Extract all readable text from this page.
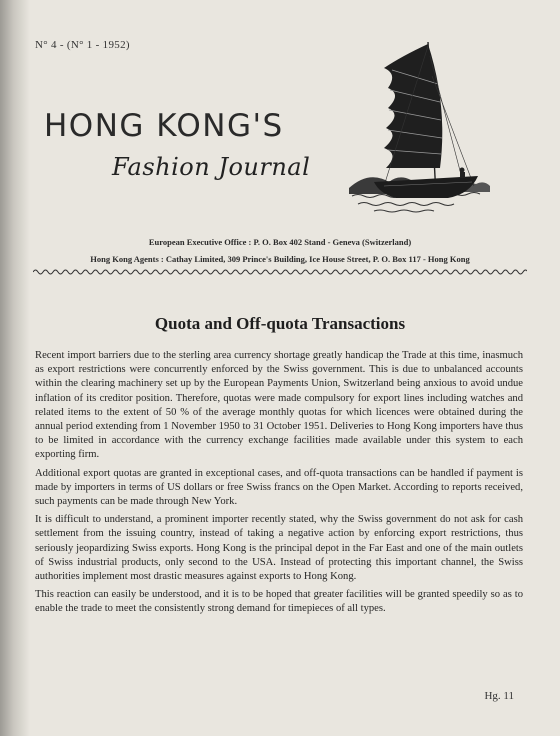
N° 4 - (N° 1 - 1952)
HONG KONG'S
Fashion Journal
European Executive Office : P. O. Box 402 Stand - Geneva (Switzerland)
Hong Kong Agents : Cathay Limited, 309 Prince's Building, Ice House Street, P. O. Box 117 - Hong Kong
Quota and Off-quota Transactions

Recent import barriers due to the sterling area currency shortage greatly handicap the Trade at this time, inasmuch as export restrictions were concurrently enforced by the Swiss government. This is due to unbalanced accounts within the clearing machinery set up by the European Payments Union, Switzerland being anxious to avoid undue inflation of its creditor position. Therefore, quotas were made compulsory for export lines including watches and related items to the extent of 50 % of the average monthly quotas for which licences were obtained during the annual period extending from 1 November 1950 to 31 October 1951. Deliveries to Hong Kong importers have thus to be limited in accordance with the currency exchange facilities made available under this system to each exporting firm.

Additional export quotas are granted in exceptional cases, and off-quota transactions can be handled if payment is made by importers in terms of US dollars or free Swiss francs on the Open Market. According to reports received, such payments can be made through New York.

It is difficult to understand, a prominent importer recently stated, why the Swiss government do not ask for cash settlement from the issuing country, instead of taking a negative action by enforcing export restrictions, thus seriously jeopardizing Swiss exports. Hong Kong is the principal depot in the Far East and one of the main outlets of Swiss industrial products, only second to the USA. Instead of protecting this important channel, the Swiss authorities implement most drastic measures against exports to Hong Kong.

This reaction can easily be understood, and it is to be hoped that greater facilities will be granted speedily so as to enable the trade to meet the consistently strong demand for timepieces of all types.

Hg. 11
